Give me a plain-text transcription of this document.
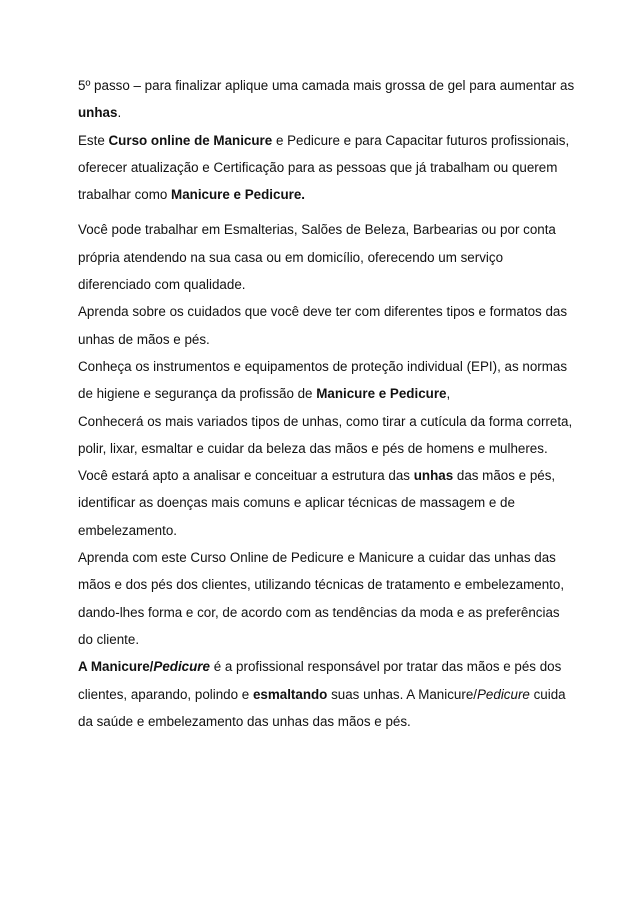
5º passo – para finalizar aplique uma camada mais grossa de gel para aumentar as unhas.

Este Curso online de Manicure e Pedicure e para Capacitar futuros profissionais, oferecer atualização e Certificação para as pessoas que já trabalham ou querem trabalhar como Manicure e Pedicure.

Você pode trabalhar em Esmalterias, Salões de Beleza, Barbearias ou por conta própria atendendo na sua casa ou em domicílio, oferecendo um serviço diferenciado com qualidade.

Aprenda sobre os cuidados que você deve ter com diferentes tipos e formatos das unhas de mãos e pés.

Conheça os instrumentos e equipamentos de proteção individual (EPI), as normas de higiene e segurança da profissão de Manicure e Pedicure,

Conhecerá os mais variados tipos de unhas, como tirar a cutícula da forma correta, polir, lixar, esmaltar e cuidar da beleza das mãos e pés de homens e mulheres. Você estará apto a analisar e conceituar a estrutura das unhas das mãos e pés, identificar as doenças mais comuns e aplicar técnicas de massagem e de embelezamento.

Aprenda com este Curso Online de Pedicure e Manicure a cuidar das unhas das mãos e dos pés dos clientes, utilizando técnicas de tratamento e embelezamento, dando-lhes forma e cor, de acordo com as tendências da moda e as preferências do cliente.

A Manicure/Pedicure é a profissional responsável por tratar das mãos e pés dos clientes, aparando, polindo e esmaltando suas unhas. A Manicure/Pedicure cuida da saúde e embelezamento das unhas das mãos e pés.
